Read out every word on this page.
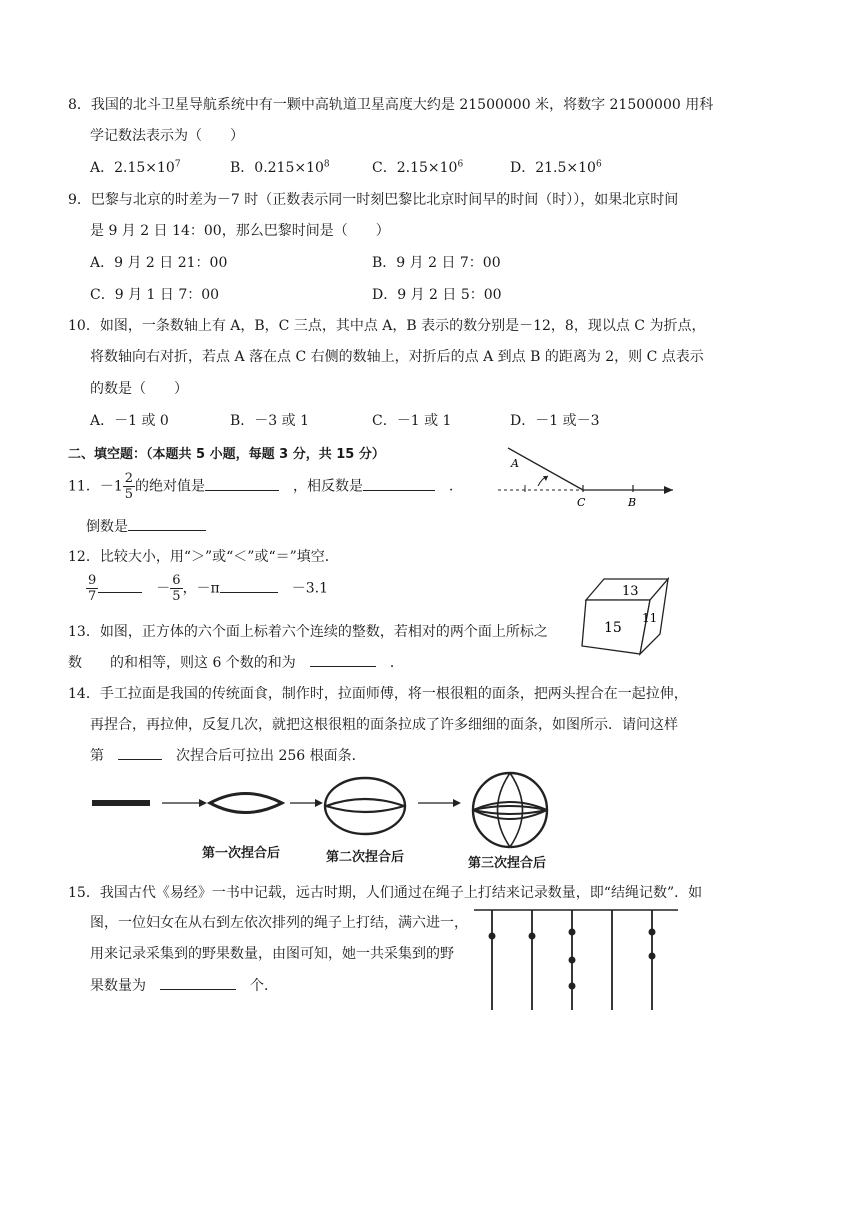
8．我国的北斗卫星导航系统中有一颗中高轨道卫星高度大约是 21500000 米，将数字 21500000 用科
学记数法表示为（　　）
A．$2.15\times 10^7$	B．$0.215\times 10^8$	C．$2.15\times 10^6$	D．$21.5\times 10^6$
9．巴黎与北京的时差为－7 时（正数表示同一时刻巴黎比北京时间早的时间（时）），如果北京时间
是 9 月 2 日 14：00，那么巴黎时间是（　　）
A．9 月 2 日 21：00	B．9 月 2 日 7：00
C．9 月 1 日 7：00	D．9 月 2 日 5：00
10．如图，一条数轴上有 A，B，C 三点，其中点 A，B 表示的数分别是－12，8，现以点 C 为折点，
将数轴向右对折，若点 A 落在点 C 右侧的数轴上，对折后的点 A 到点 B 的距离为 2，则 C 点表示
的数是（　　）
A．－1 或 0	B．－3 或 1	C．－1 或 1	D．－1 或－3
二、填空题：（本题共 5 小题，每题 3 分，共 15 分）
A
C	B
11．$-1 \frac{2}{5}$ 的绝对值是　	，相反数是　	．
倒数是
12．比较大小，用“＞”或“＜”或“＝”填空．
$\frac{9}{7}$
　	－ $\frac{6}{5}$ ，－π　	－3.1	13
15
11
13．如图，正方体的六个面上标着六个连续的整数，若相对的两个面上所标之
数　　 的和相等，则这 6 个数的和为　　	．
14．手工拉面是我国的传统面食，制作时，拉面师傅，将一根很粗的面条，把两头捏合在一起拉伸，
再捏合，再拉伸，反复几次，就把这根很粗的面条拉成了许多细细的面条，如图所示．请问这样
第　　	次捏合后可拉出 256 根面条．
第一次捏合后	第二次捏合后	第三次捏合后
15．我国古代《易经》一书中记载，远古时期，人们通过在绳子上打结来记录数量，即“结绳记数”．如
图，一位妇女在从右到左依次排列的绳子上打结，满六进一，
用来记录采集到的野果数量，由图可知，她一共采集到的野
果数量为　　	个．
